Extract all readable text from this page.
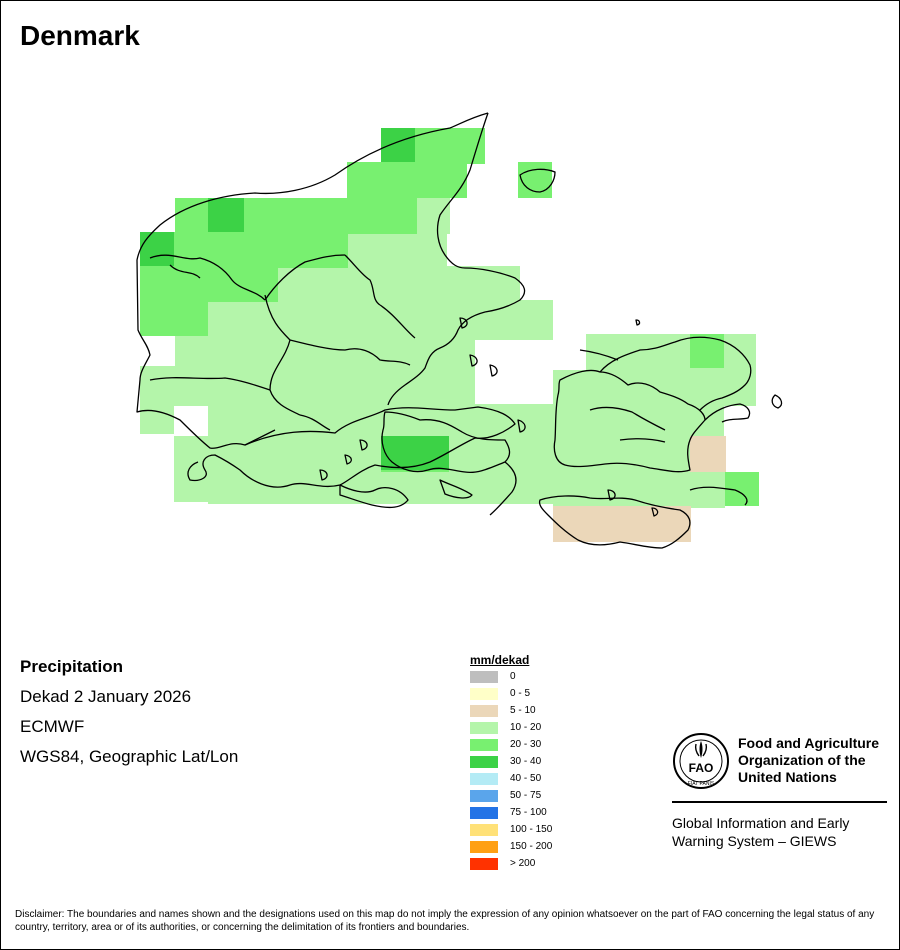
Denmark
Precipitation
Dekad 2 January 2026
ECMWF
WGS84, Geographic Lat/Lon
mm/dekad
0
0 - 5
5 - 10
10 - 20
20 - 30
30 - 40
40 - 50
50 - 75
75 - 100
100 - 150
150 - 200
> 200
FAO
FIAT PANIS
Food and Agriculture
Organization of the
United Nations
Global Information and Early
Warning System – GIEWS
Disclaimer: The boundaries and names shown and the designations used on this map do not imply the expression of any opinion whatsoever on the part of FAO concerning the legal status of any country, territory, area or of its authorities, or concerning the delimitation of its frontiers and boundaries.
